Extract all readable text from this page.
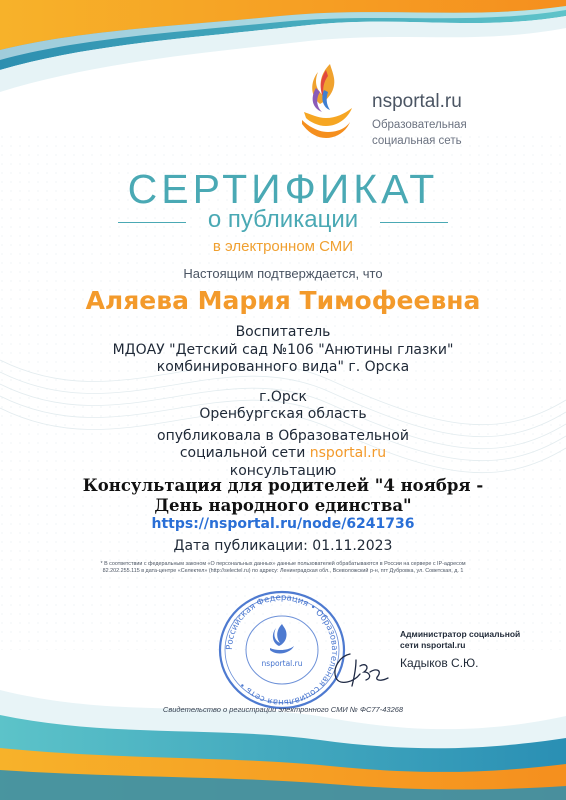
nsportal.ru
Образовательная
социальная сеть
СЕРТИФИКАТ
о публикации
в электронном СМИ
Настоящим подтверждается, что
Аляева Мария Тимофеевна
Воспитатель
МДОАУ "Детский сад №106 "Анютины глазки"
комбинированного вида" г. Орска
г.Орск
Оренбургская область
опубликовала в Образовательной
социальной сети nsportal.ru
консультацию
Консультация для родителей "4 ноября -
День народного единства"
https://nsportal.ru/node/6241736
Дата публикации: 01.11.2023
* В соответствии с федеральным законом «О персональных данных» данные пользователей обрабатываются в России на сервере с IP-адресом
82.202.255.115 в дата-центре «Селектел» (http://selectel.ru) по адресу: Ленинградская обл., Всеволожский р-н, пгт Дубровка, ул. Советская, д. 1
Российская Федерация • Образовательная социальная сеть •
nsportal.ru
Администратор социальной
сети nsportal.ru
Кадыков С.Ю.
Свидетельство о регистрации электронного СМИ № ФС77-43268
